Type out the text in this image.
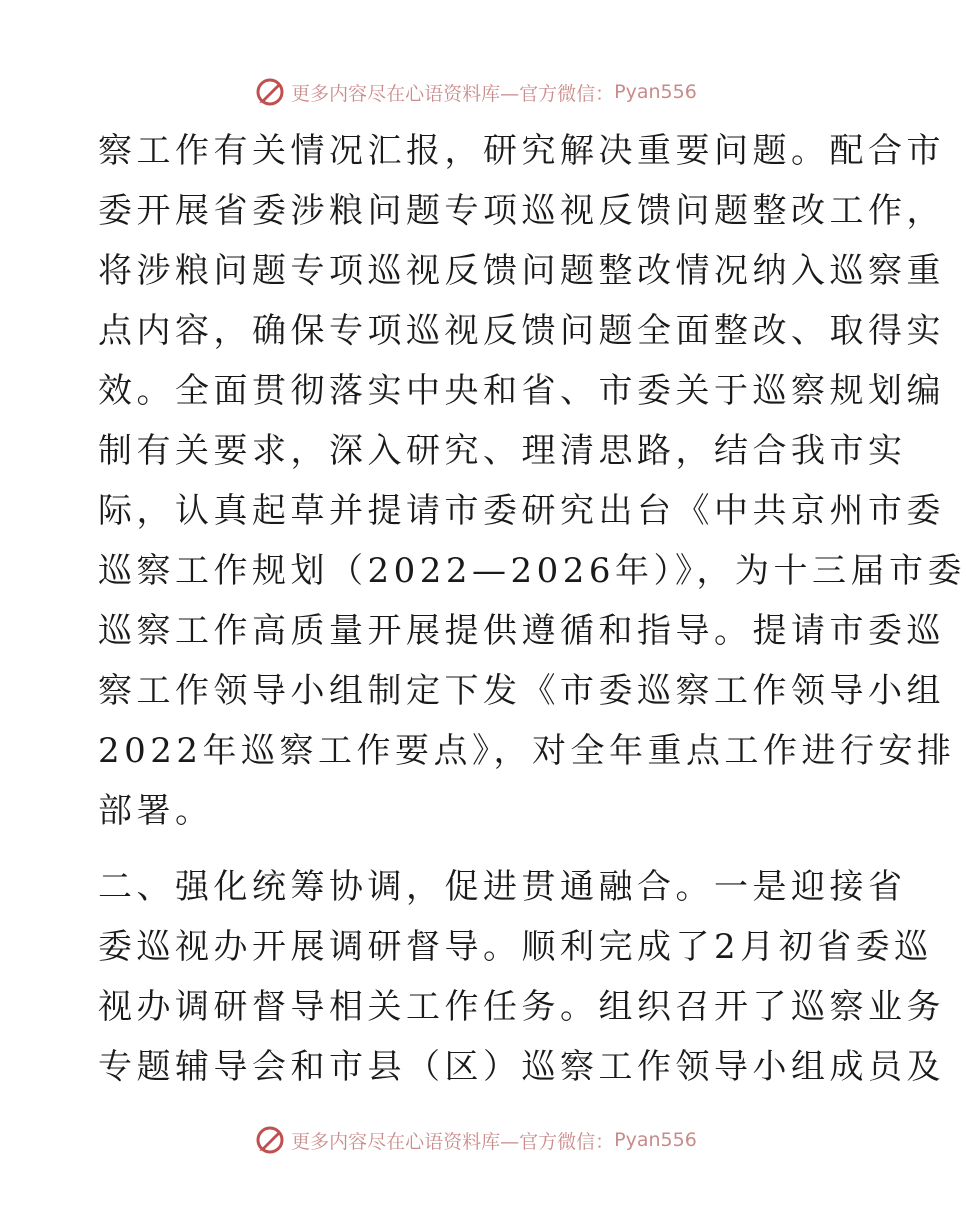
更多内容尽在心语资料库—官方微信： Pyan556
察工作有关情况汇报，研究解决重要问题。配合市
委开展省委涉粮问题专项巡视反馈问题整改工作，
将涉粮问题专项巡视反馈问题整改情况纳入巡察重
点内容，确保专项巡视反馈问题全面整改、取得实
效。全面贯彻落实中央和省、市委关于巡察规划编
制有关要求，深入研究、理清思路，结合我市实
际，认真起草并提请市委研究出台《中共京州市委
巡察工作规划（2022—2026年）》，为十三届市委
巡察工作高质量开展提供遵循和指导。提请市委巡
察工作领导小组制定下发《市委巡察工作领导小组
2022年巡察工作要点》，对全年重点工作进行安排
部署。
二、强化统筹协调，促进贯通融合。一是迎接省
委巡视办开展调研督导。顺利完成了2月初省委巡
视办调研督导相关工作任务。组织召开了巡察业务
专题辅导会和市县（区）巡察工作领导小组成员及
更多内容尽在心语资料库—官方微信： Pyan556
